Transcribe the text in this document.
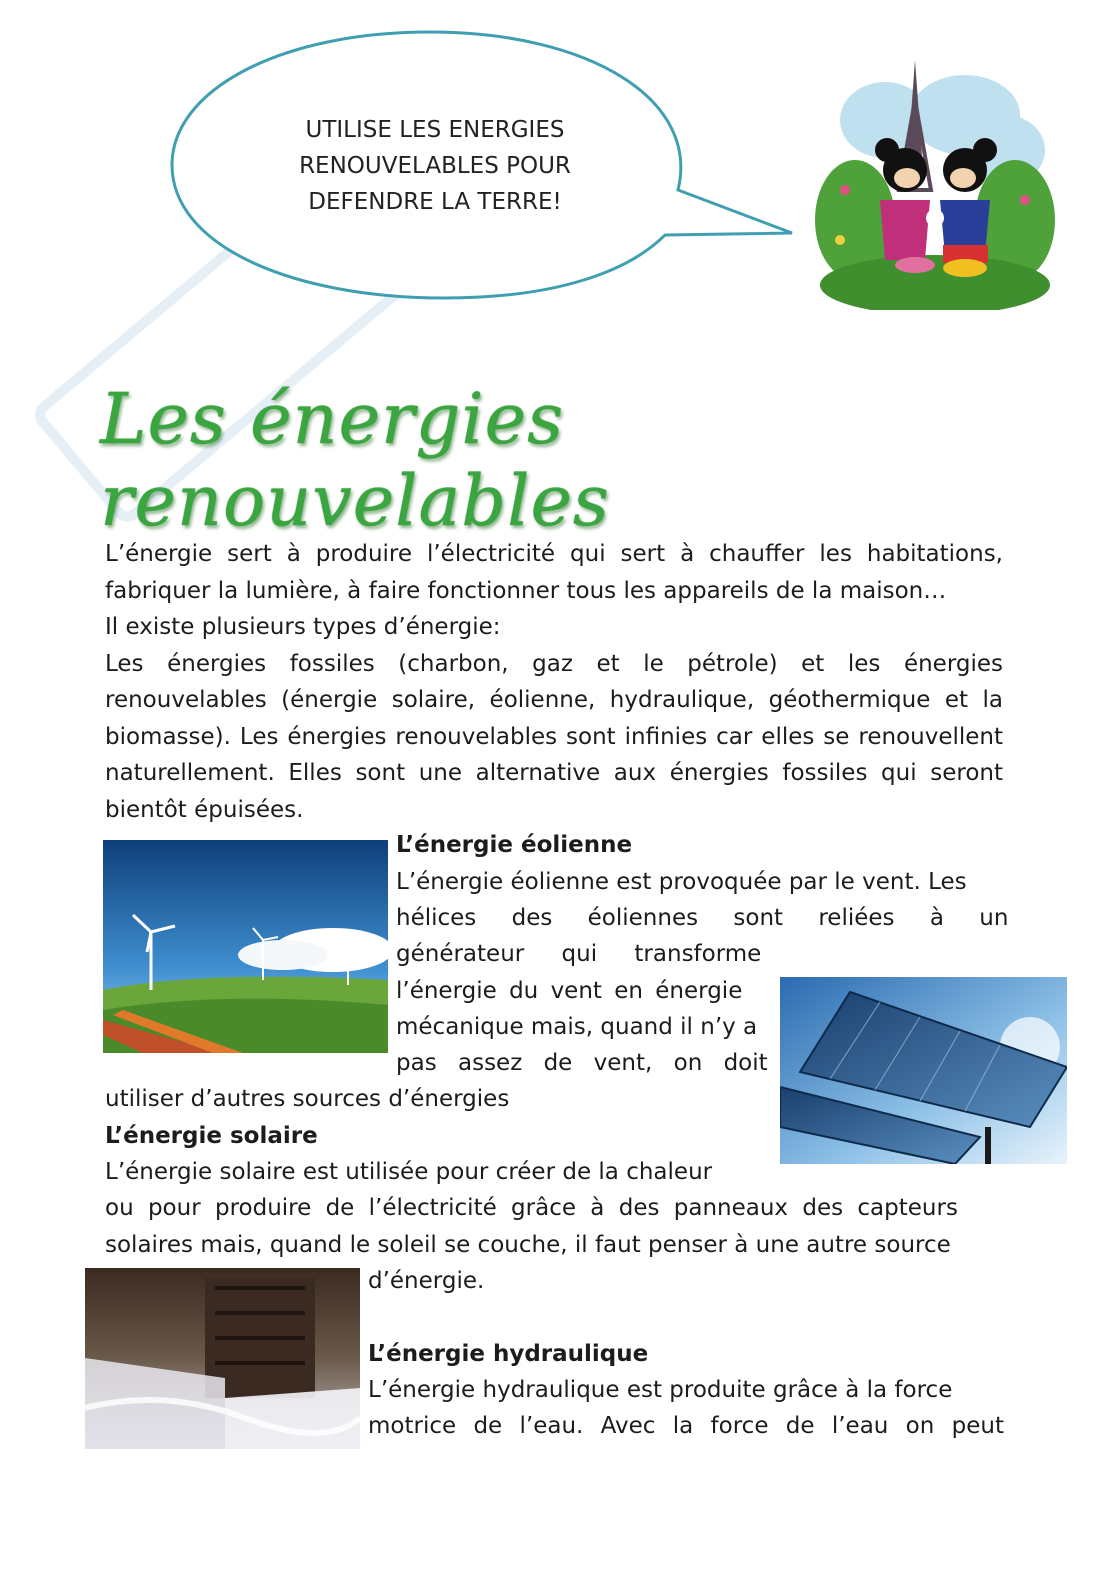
UTILISE LES ENERGIES
RENOUVELABLES POUR
DEFENDRE LA TERRE!
Les énergies renouvelables

L’énergie sert à produire l’électricité qui sert à chauffer les habitations, fabriquer la lumière, à faire fonctionner tous les appareils de la maison…

Il existe plusieurs types d’énergie:

Les énergies fossiles (charbon, gaz et le pétrole) et les énergies renouvelables (énergie solaire, éolienne, hydraulique, géothermique et la biomasse). Les énergies renouvelables sont infinies car elles se renouvellent naturellement. Elles sont une alternative aux énergies fossiles qui seront bientôt épuisées.

L’énergie éolienne
L’énergie éolienne est provoquée par le vent. Les
hélices des éoliennes sont reliées à un
générateur qui transforme
l’énergie du vent en énergie
mécanique mais, quand il n’y a
pas assez de vent, on doit
utiliser d’autres sources d’énergies
L’énergie solaire
L’énergie solaire est utilisée pour créer de la chaleur
ou pour produire de l’électricité grâce à des panneaux des capteurs
solaires mais, quand le soleil se couche, il faut penser à une autre source
d’énergie.
L’énergie hydraulique
L’énergie hydraulique est produite grâce à la force
motrice de l’eau. Avec la force de l’eau on peut
